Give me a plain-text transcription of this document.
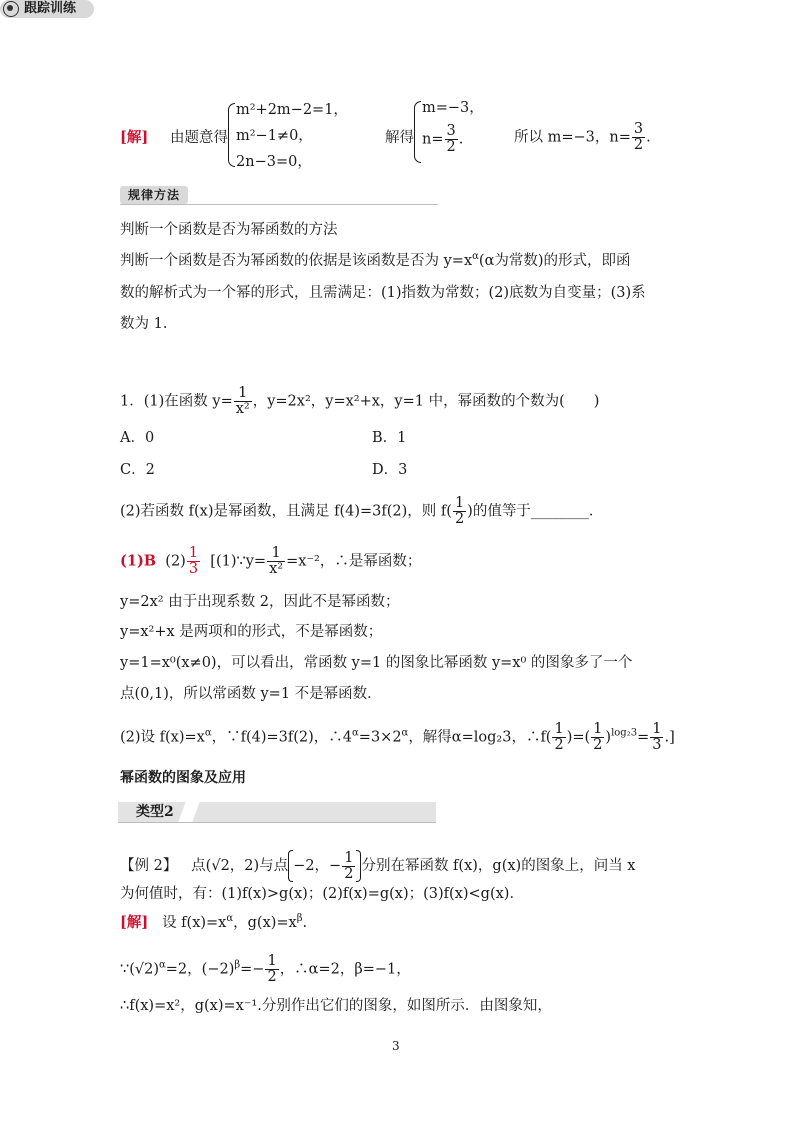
[解] 由题意得
m²+2m−2=1，
m²−1≠0，
2n−3=0，
解得
m=−3，
$n= \frac{3}{2}$ .	所以 m=−3，$n= \frac{3}{2}$ .
规律方法
判断一个函数是否为幂函数的方法
判断一个函数是否为幂函数的依据是该函数是否为 $y=x^\alpha(\alpha$为常数)的形式，即函
数的解析式为一个幂的形式，且需满足：(1)指数为常数；(2)底数为自变量；(3)系
数为 1.
跟踪训练
1．(1)在函数 $y= \frac{1}{\text{x²}}$ ，y=2x²，y=x²+x，y=1 中，幂函数的个数为(　　)
A．0	B．1
C．2	D．3
(2)若函数 f(x)是幂函数，且满足 f(4)=3f(2)，则 $f( \frac{1}{2}$ )的值等于________．
(1)B $(2) \frac{1}{3}$ [(1)∵y= $\frac{1}{\text{x²}} =x^{-2}$，∴是幂函数；
y=2x² 由于出现系数 2，因此不是幂函数；
y=x²+x 是两项和的形式，不是幂函数；
y=1=x⁰(x≠0)，可以看出，常函数 y=1 的图象比幂函数 y=x⁰ 的图象多了一个
点(0,1)，所以常函数 y=1 不是幂函数．
(2)设 $f(x)=x^\alpha$，∵f(4)=3f(2)，$\therefore 4^\alpha=3\times 2^\alpha$，解得α=log₂3，∴f( $\frac{1}{2}$ )=( $\frac{1}{2} )^{log_23}= \frac{1}{3}$ .]
幂函数的图象及应用
类型2
【例 2】 点(√2，2)与点 −2，− $\frac{1}{2}$ 分别在幂函数 f(x)，g(x)的图象上，问当 x
为何值时，有：(1)f(x)>g(x)；(2)f(x)=g(x)；(3)f(x)<g(x)．
[解] 设 $f(x)=x^\alpha$，$g(x)=x^\beta$.
$\because(√2)^\alpha=2$，$(-2)^\beta=- \frac{1}{2}$ ，∴α=2，β=−1，
∴f(x)=x²，g(x)=x⁻¹.分别作出它们的图象，如图所示．由图象知，
3
